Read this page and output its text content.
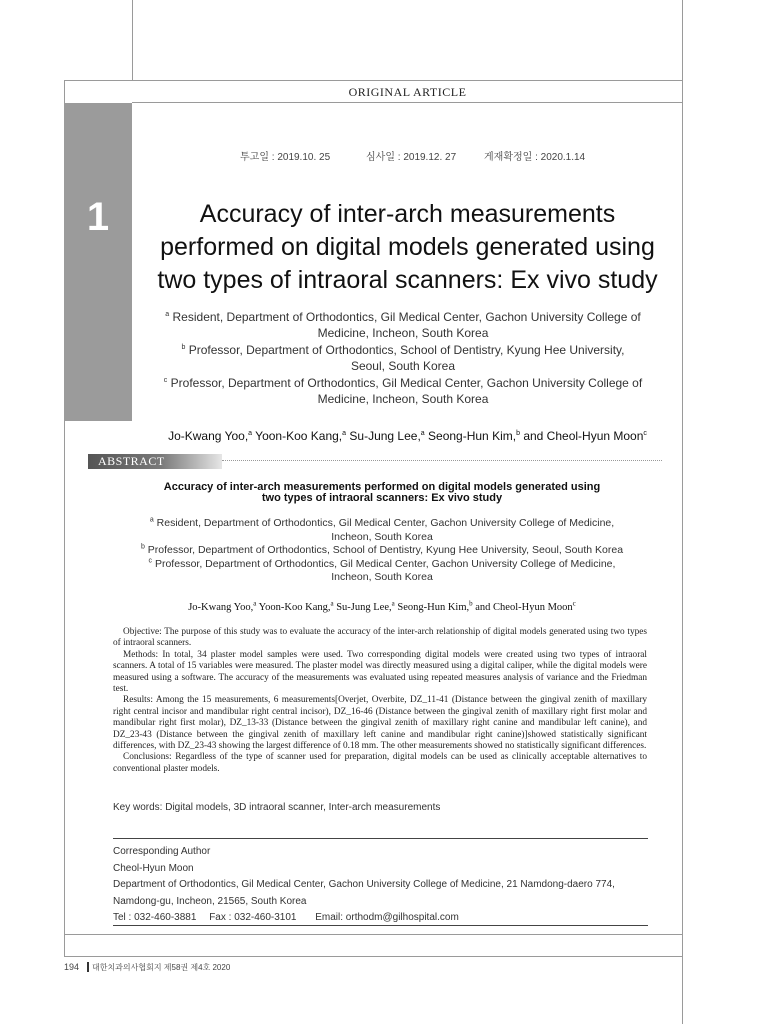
ORIGINAL ARTICLE
1
투고일 : 2019.10. 25	심사일 : 2019.12. 27	게재확정일 : 2020.1.14
Accuracy of inter-arch measurements
performed on digital models generated using
two types of intraoral scanners: Ex vivo study
$^a$ Resident, Department of Orthodontics, Gil Medical Center, Gachon University College of
Medicine, Incheon, South Korea
$^b$ Professor, Department of Orthodontics, School of Dentistry, Kyung Hee University,
Seoul, South Korea
$^c$ Professor, Department of Orthodontics, Gil Medical Center, Gachon University College of
Medicine, Incheon, South Korea
Jo-Kwang Yoo,$^a$ Yoon-Koo Kang,$^a$ Su-Jung Lee,$^a$ Seong-Hun Kim,$^b$ and Cheol-Hyun Moon$^c$
ABSTRACT
Accuracy of inter-arch measurements performed on digital models generated using
two types of intraoral scanners: Ex vivo study
$^a$ Resident, Department of Orthodontics, Gil Medical Center, Gachon University College of Medicine,
Incheon, South Korea
$^b$ Professor, Department of Orthodontics, School of Dentistry, Kyung Hee University, Seoul, South Korea
$^c$ Professor, Department of Orthodontics, Gil Medical Center, Gachon University College of Medicine,
Incheon, South Korea
Jo-Kwang Yoo,$^a$ Yoon-Koo Kang,$^a$ Su-Jung Lee,$^a$ Seong-Hun Kim,$^b$ and Cheol-Hyun Moon$^c$
Objective: The purpose of this study was to evaluate the accuracy of the inter-arch relationship of digital models generated using two types of intraoral scanners.
Methods: In total, 34 plaster model samples were used. Two corresponding digital models were created using two types of intraoral scanners. A total of 15 variables were measured. The plaster model was directly measured using a digital caliper, while the digital models were measured using a software. The accuracy of the measurements was evaluated using repeated measures analysis of variance and the Friedman test.
Results: Among the 15 measurements, 6 measurements[Overjet, Overbite, DZ_11-41 (Distance between the gingival zenith of maxillary right central incisor and mandibular right central incisor), DZ_16-46 (Distance between the gingival zenith of maxillary right first molar and mandibular right first molar), DZ_13-33 (Distance between the gingival zenith of maxillary right canine and mandibular left canine), and DZ_23-43 (Distance between the gingival zenith of maxillary left canine and mandibular right canine)]showed statistically significant differences, with DZ_23-43 showing the largest difference of 0.18 mm. The other measurements showed no statistically significant differences.
Conclusions: Regardless of the type of scanner used for preparation, digital models can be used as clinically acceptable alternatives to conventional plaster models.
Key words: Digital models, 3D intraoral scanner, Inter-arch measurements
Corresponding Author
Cheol-Hyun Moon
Department of Orthodontics, Gil Medical Center, Gachon University College of Medicine, 21 Namdong-daero 774,
Namdong-gu, Incheon, 21565, South Korea
Tel : 032-460-3881 Fax : 032-460-3101 Email: orthodm@gilhospital.com
194 대한치과의사협회지 제58권 제4호 2020
